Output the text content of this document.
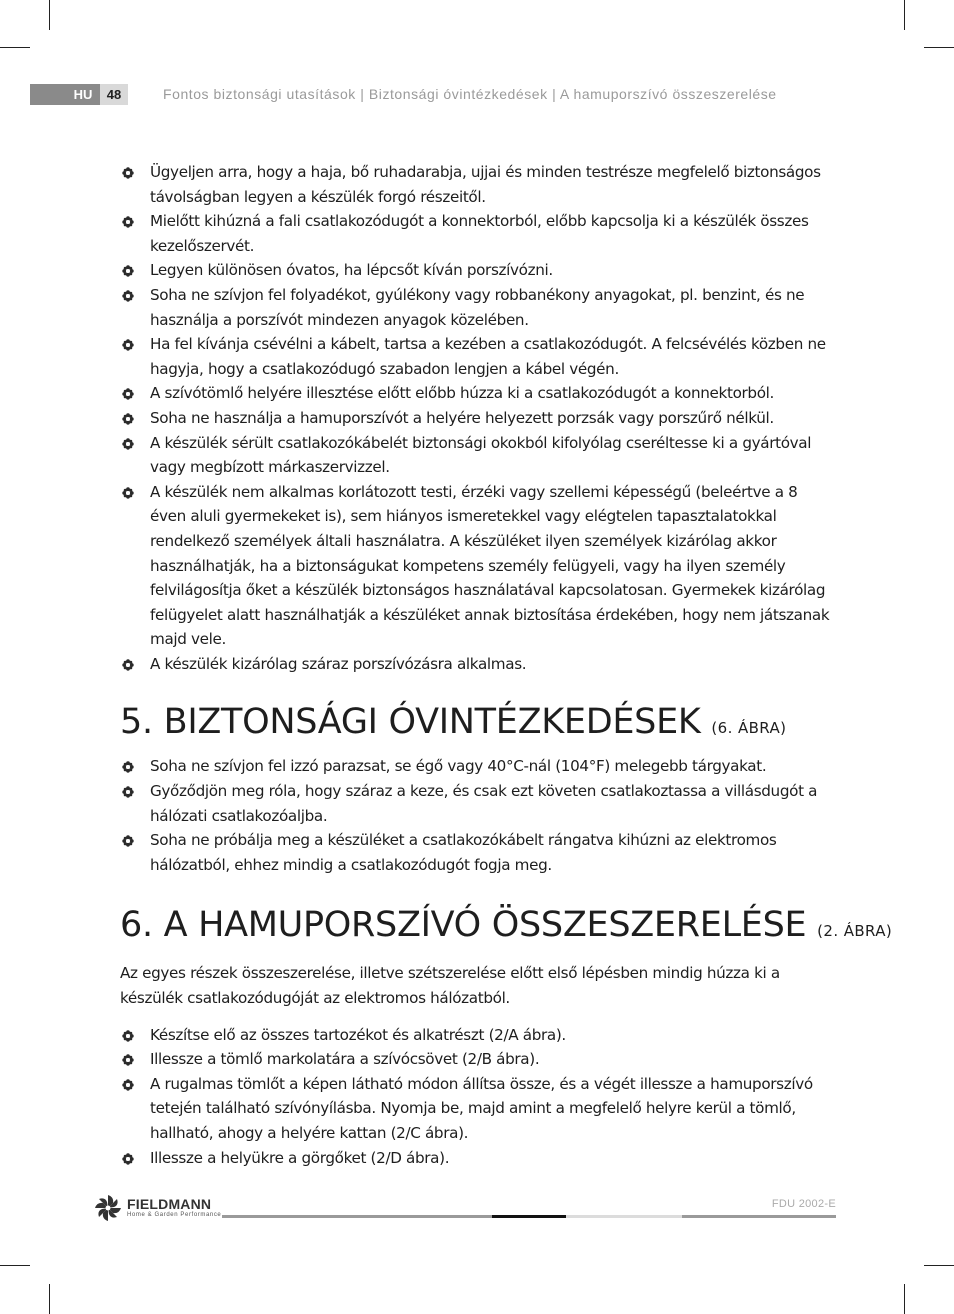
HU	48	Fontos biztonsági utasítások | Biztonsági óvintézkedések | A hamuporszívó összeszerelése
Ügyeljen arra, hogy a haja, bő ruhadarabja, ujjai és minden testrésze megfelelő biztonságos távolságban legyen a készülék forgó részeitől.
Mielőtt kihúzná a fali csatlakozódugót a konnektorból, előbb kapcsolja ki a készülék összes kezelőszervét.
Legyen különösen óvatos, ha lépcsőt kíván porszívózni.
Soha ne szívjon fel folyadékot, gyúlékony vagy robbanékony anyagokat, pl. benzint, és ne használja a porszívót mindezen anyagok közelében.
Ha fel kívánja csévélni a kábelt, tartsa a kezében a csatlakozódugót. A felcsévélés közben ne hagyja, hogy a csatlakozódugó szabadon lengjen a kábel végén.
A szívótömlő helyére illesztése előtt előbb húzza ki a csatlakozódugót a konnektorból.
Soha ne használja a hamuporszívót a helyére helyezett porzsák vagy porszűrő nélkül.
A készülék sérült csatlakozókábelét biztonsági okokból kifolyólag cseréltesse ki a gyártóval vagy megbízott márkaszervizzel.
A készülék nem alkalmas korlátozott testi, érzéki vagy szellemi képességű (beleértve a 8 éven aluli gyermekeket is), sem hiányos ismeretekkel vagy elégtelen tapasztalatokkal rendelkező személyek általi használatra. A készüléket ilyen személyek kizárólag akkor használhatják, ha a biztonságukat kompetens személy felügyeli, vagy ha ilyen személy felvilágosítja őket a készülék biztonságos használatával kapcsolatosan. Gyermekek kizárólag felügyelet alatt használhatják a készüléket annak biztosítása érdekében, hogy nem játszanak majd vele.
A készülék kizárólag száraz porszívózásra alkalmas.
5. BIZTONSÁGI ÓVINTÉZKEDÉSEK (6. ÁBRA)
Soha ne szívjon fel izzó parazsat, se égő vagy 40°C-nál (104°F) melegebb tárgyakat.
Győződjön meg róla, hogy száraz a keze, és csak ezt követen csatlakoztassa a villásdugót a hálózati csatlakozóaljba.
Soha ne próbálja meg a készüléket a csatlakozókábelt rángatva kihúzni az elektromos hálózatból, ehhez mindig a csatlakozódugót fogja meg.
6. A HAMUPORSZÍVÓ ÖSSZESZERELÉSE (2. ÁBRA)

Az egyes részek összeszerelése, illetve szétszerelése előtt első lépésben mindig húzza ki a készülék csatlakozódugóját az elektromos hálózatból.

Készítse elő az összes tartozékot és alkatrészt (2/A ábra).
Illessze a tömlő markolatára a szívócsövet (2/B ábra).
A rugalmas tömlőt a képen látható módon állítsa össze, és a végét illessze a hamuporszívó tetején található szívónyílásba. Nyomja be, majd amint a megfelelő helyre kerül a tömlő, hallható, ahogy a helyére kattan (2/C ábra).
Illessze a helyükre a görgőket (2/D ábra).
FIELDMANN
Home & Garden Performance
FDU 2002-E
